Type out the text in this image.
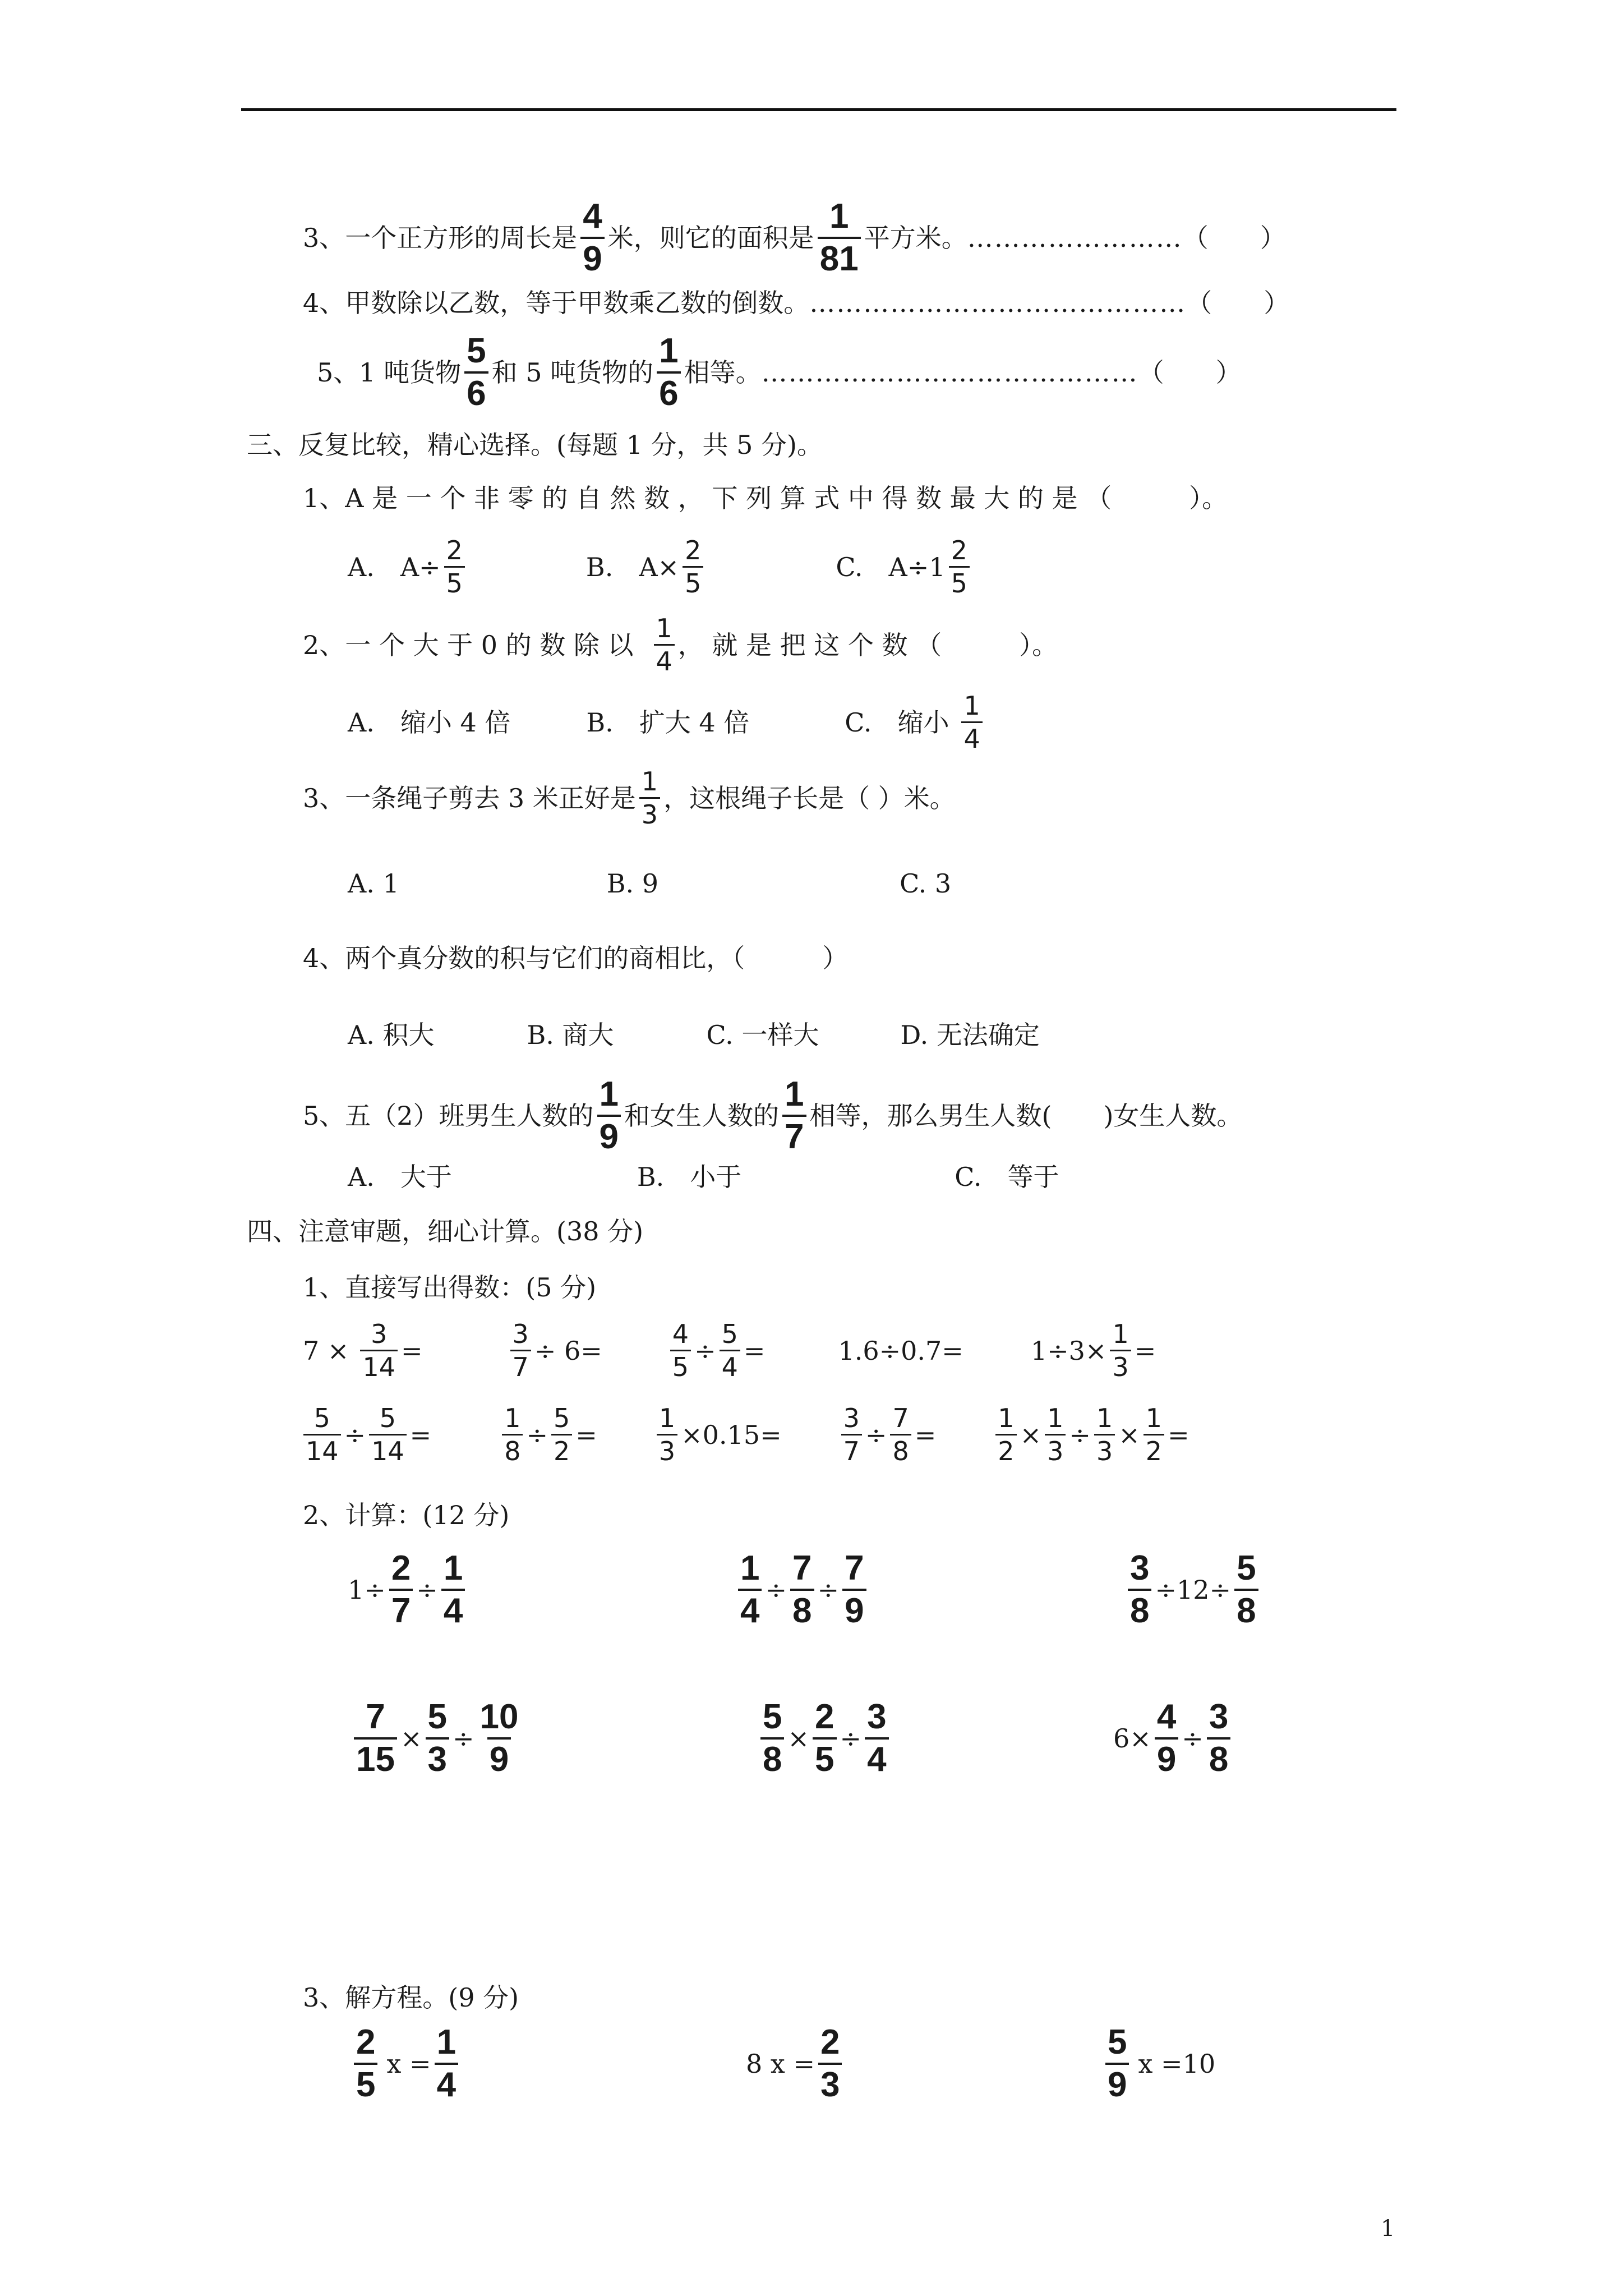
3、一个正方形的周长是 $\frac{4}{9}$ 米，则它的面积是 $\frac{1}{81}$ 平方米。 …………………… （　　）
4、甲数除以乙数，等于甲数乘乙数的倒数。 …………………………………… （　　）
5、1 吨货物 $\frac{5}{6}$ 和 5 吨货物的 $\frac{1}{6}$ 相等。 …………………………………… （　　）
三、反复比较，精心选择。(每题 1 分，共 5 分)。
1、A 是 一 个 非 零 的 自 然 数 ， 下 列 算 式 中 得 数 最 大 的 是 （　　　）。
A.　$A\div \frac{2}{5}$	B.　$A\times \frac{2}{5}$	C.　$A\div 1 \frac{2}{5}$
2、一 个 大 于 0 的 数 除 以 $\frac{1}{4}$ ， 就 是 把 这 个 数 （　　　）。
A.　缩小 4 倍	B.　扩大 4 倍	C.　缩小 $\frac{1}{4}$
3、一条绳子剪去 3 米正好是 $\frac{1}{3}$ ，这根绳子长是（ ）米。
A. 1	B. 9	C. 3
4、两个真分数的积与它们的商相比，（　　　）
A. 积大	B. 商大	C. 一样大	D. 无法确定
5、五（2）班男生人数的 $\frac{1}{9}$ 和女生人数的 $\frac{1}{7}$ 相等，那么男生人数(　　)女生人数。
A.　大于	B.　小于	C.　等于
四、注意审题，细心计算。(38 分)
1、直接写出得数：(5 分)
$7 \times \frac{3}{14}$ =	$\frac{3}{7} \div 6=$	$\frac{4}{5} \div \frac{5}{4}$ =	1.6÷0.7=	$1\div 3\times \frac{1}{3}$ =
$\frac{5}{14} \div \frac{5}{14}$ =	$\frac{1}{8} \div \frac{5}{2} = \frac{1}{3} \times 0.15= \frac{3}{7} \div \frac{7}{8} = \frac{1}{2} \times \frac{1}{3} \div \frac{1}{3} \times \frac{1}{2}$ =
2、计算：(12 分)
$1\div \frac{2}{7} \div \frac{1}{4}$	$\frac{1}{4} \div \frac{7}{8} \div \frac{7}{9}$	$\frac{3}{8} \div 12\div \frac{5}{8}$
$\frac{7}{15} \times \frac{5}{3} \div \frac{10}{9}$	$\frac{5}{8} \times \frac{2}{5} \div \frac{3}{4}$	$6\times \frac{4}{9} \div \frac{3}{8}$
3、解方程。(9 分)
$\frac{2}{5}$ $x = \frac{1}{4}$	8 $x = \frac{2}{3}$	$\frac{5}{9}$ x =10
1
